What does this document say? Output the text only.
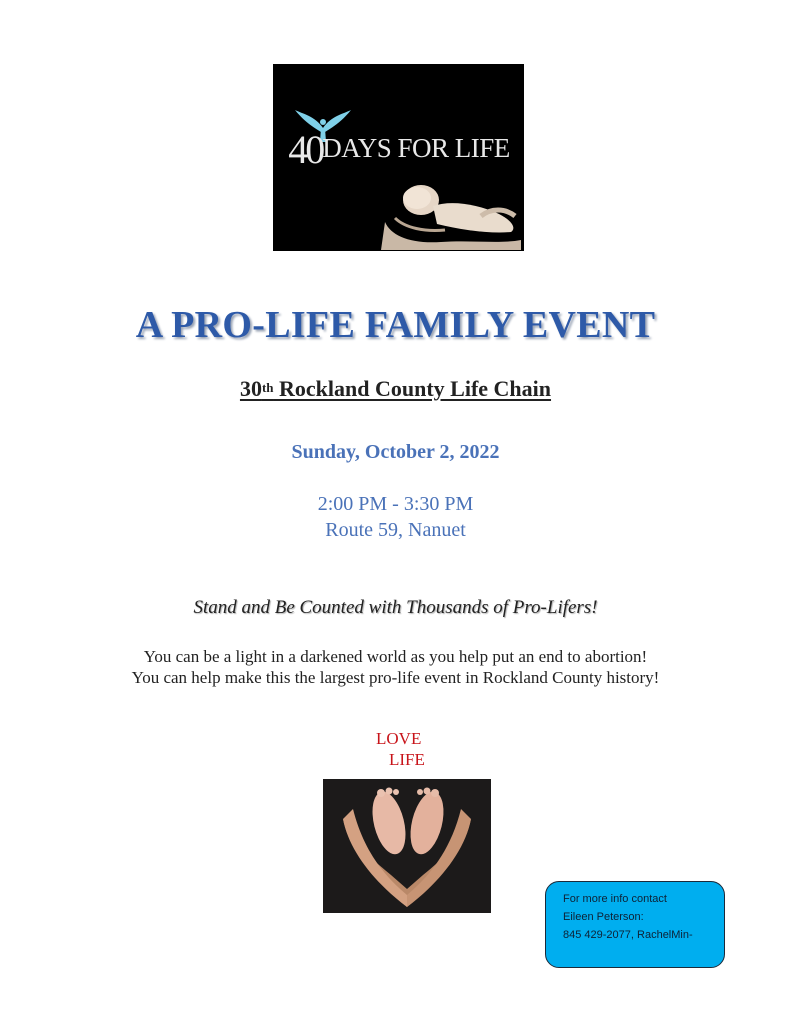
40DAYS FOR LIFE
A PRO-LIFE FAMILY EVENT
30th Rockland County Life Chain
Sunday, October 2, 2022
2:00 PM - 3:30 PM
Route 59, Nanuet
Stand and Be Counted with Thousands of Pro-Lifers!
You can be a light in a darkened world as you help put an end to abortion!
You can help make this the largest pro-life event in Rockland County history!
LOVE
LIFE
For more info contact
Eileen Peterson:
845 429-2077, RachelMin-
